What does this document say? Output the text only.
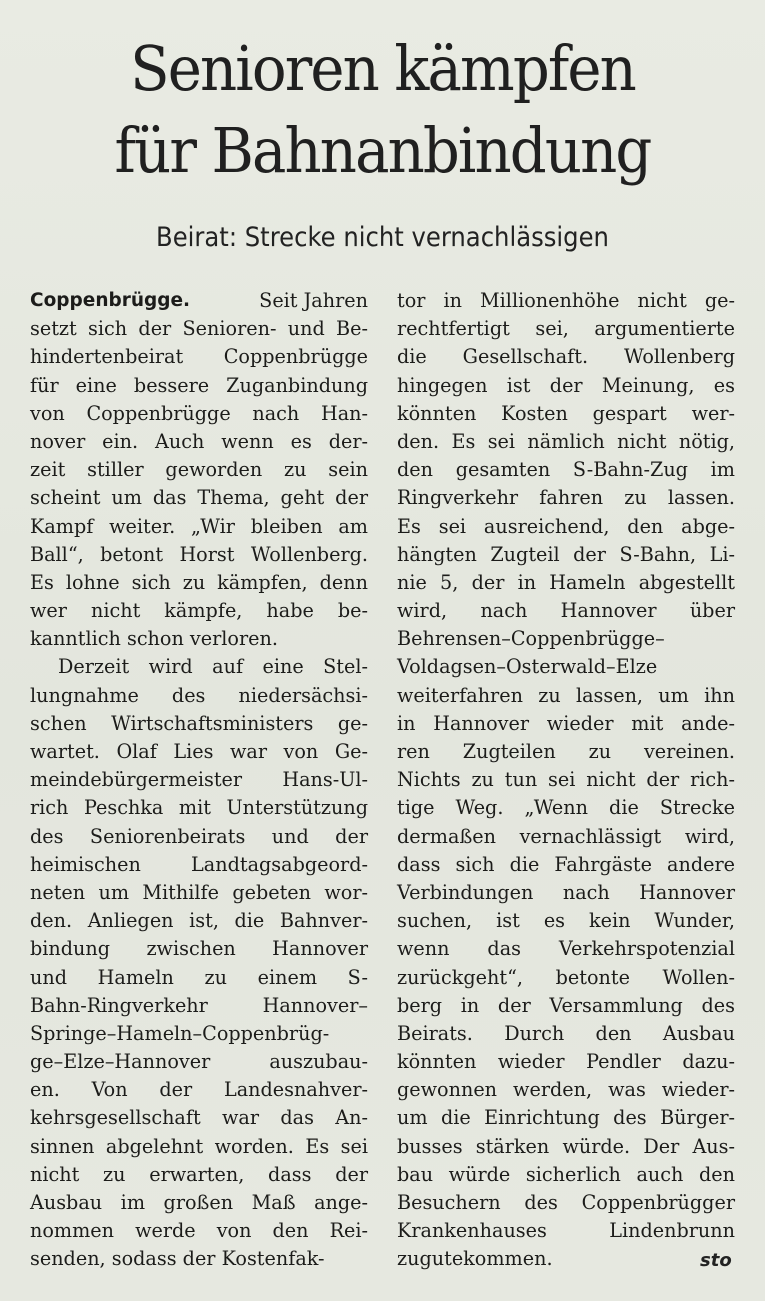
Senioren kämpfen
für Bahnanbindung
Beirat: Strecke nicht vernachlässigen
Coppenbrügge.	Seit Jahren
setzt sich der Senioren- und Be-
hindertenbeirat Coppenbrügge
für eine bessere Zuganbindung
von Coppenbrügge nach Han-
nover ein. Auch wenn es der-
zeit stiller geworden zu sein
scheint um das Thema, geht der
Kampf weiter. „Wir bleiben am
Ball“, betont Horst Wollenberg.
Es lohne sich zu kämpfen, denn
wer nicht kämpfe, habe be-
kanntlich schon verloren.
Derzeit wird auf eine Stel-
lungnahme des niedersächsi-
schen Wirtschaftsministers ge-
wartet. Olaf Lies war von Ge-
meindebürgermeister Hans-Ul-
rich Peschka mit Unterstützung
des Seniorenbeirats und der
heimischen Landtagsabgeord-
neten um Mithilfe gebeten wor-
den. Anliegen ist, die Bahnver-
bindung zwischen Hannover
und Hameln zu einem S-
Bahn-Ringverkehr Hannover–
Springe–Hameln–Coppenbrüg-
ge–Elze–Hannover auszubau-
en. Von der Landesnahver-
kehrsgesellschaft war das An-
sinnen abgelehnt worden. Es sei
nicht zu erwarten, dass der
Ausbau im großen Maß ange-
nommen werde von den Rei-
senden, sodass der Kostenfak-
tor in Millionenhöhe nicht ge-
rechtfertigt sei, argumentierte
die Gesellschaft. Wollenberg
hingegen ist der Meinung, es
könnten Kosten gespart wer-
den. Es sei nämlich nicht nötig,
den gesamten S-Bahn-Zug im
Ringverkehr fahren zu lassen.
Es sei ausreichend, den abge-
hängten Zugteil der S-Bahn, Li-
nie 5, der in Hameln abgestellt
wird, nach Hannover über
Behrensen–Coppenbrügge–
Voldagsen–Osterwald–Elze
weiterfahren zu lassen, um ihn
in Hannover wieder mit ande-
ren Zugteilen zu vereinen.
Nichts zu tun sei nicht der rich-
tige Weg. „Wenn die Strecke
dermaßen vernachlässigt wird,
dass sich die Fahrgäste andere
Verbindungen nach Hannover
suchen, ist es kein Wunder,
wenn das Verkehrspotenzial
zurückgeht“, betonte Wollen-
berg in der Versammlung des
Beirats. Durch den Ausbau
könnten wieder Pendler dazu-
gewonnen werden, was wieder-
um die Einrichtung des Bürger-
busses stärken würde. Der Aus-
bau würde sicherlich auch den
Besuchern des Coppenbrügger
Krankenhauses Lindenbrunn
zugutekommen.	sto
